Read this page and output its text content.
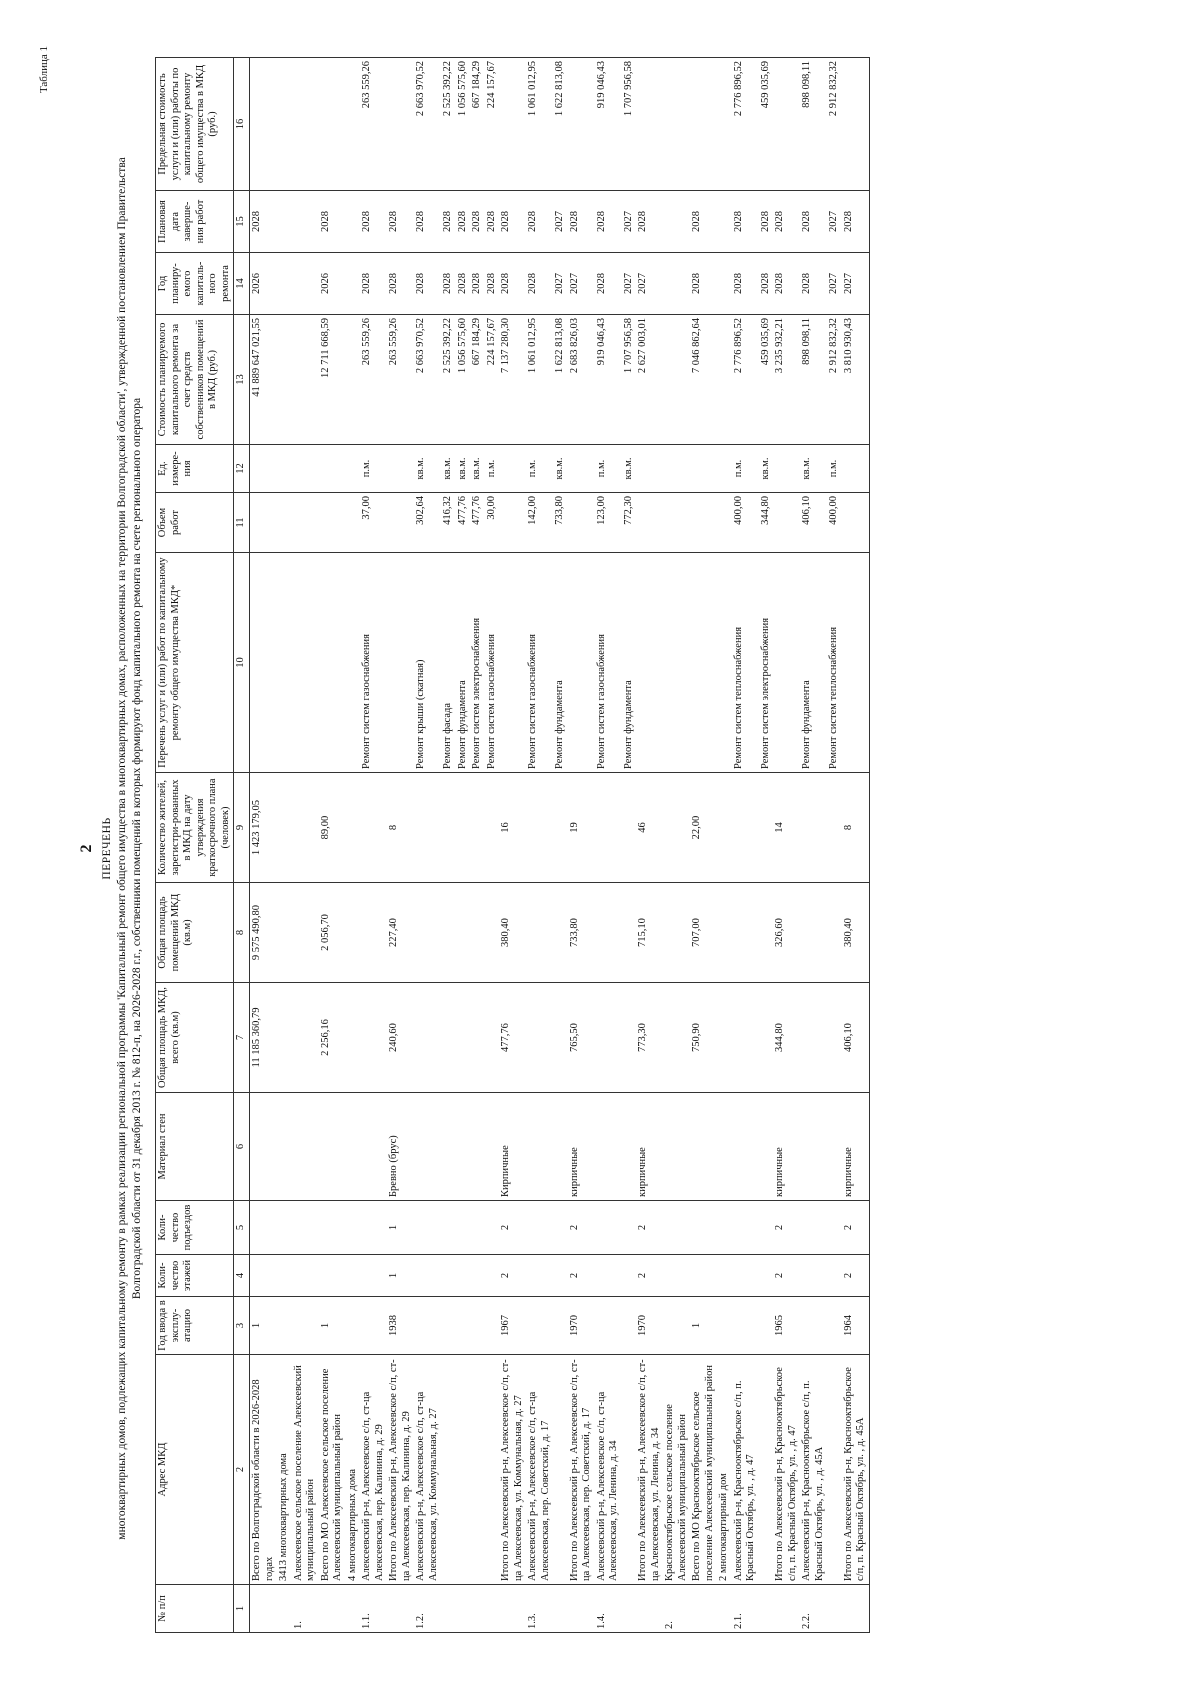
Таблица 1
2 ПЕРЕЧЕНЬ многоквартирных домов, подлежащих капитальному ремонту в рамках реализации региональной программы 'Капитальный ремонт общего имущества в многоквартирных домах, расположенных на территории Волгоградской области', утвержденной постановлением Правительства Волгоградской области от 31 декабря 2013 г. № 812-п, на 2026-2028 г.г., собственники помещений в которых формируют фонд капитального ремонта на счете регионального оператора
№ п/п	Адрес МКД	Год ввода в эксплу-атацию	Коли-чество этажей	Коли-чество подъездов	Материал стен	Общая площадь МКД, всего (кв.м)	Общая площадь помещений МКД (кв.м)	Количество жителей, зарегистри-рованных в МКД на дату утверждения краткосрочного плана (человек)	Перечень услуг и (или) работ по капитальному ремонту общего имущества МКД*	Объем работ	Ед. измере-ния	Стоимость планируемого капитального ремонта за счет средств собственников помещений в МКД (руб.)	Год планиру-емого капиталь-ного ремонта	Плановая дата заверше-ния работ	Предельная стоимость услуги и (или) работы по капитальному ремонту общего имущества в МКД (руб.)
1	2	3	4	5	6	7	8	9	10	11	12	13	14	15	16
	Всего по Волгоградской области в 2026-2028 годах	1				11 185 360,79	9 575 490,80	1 423 179,05				41 889 647 021,55	2026	2028	
	3413 многоквартирных дома														
1.	Алексеевское сельское поселение Алексеевский муниципальный район														
	Всего по МО Алексеевское сельское поселение Алексеевский муниципальный район	1				2 256,16	2 056,70	89,00				12 711 668,59	2026	2028	
	4 многоквартирных дома														
1.1.	Алексеевский р-н, Алексеевское с/п, ст-ца Алексеевская, пер. Калинина, д. 29								Ремонт систем газоснабжения	37,00	п.м.	263 559,26	2028	2028	263 559,26
	Итого по Алексеевский р-н, Алексеевское с/п, ст-ца Алексеевская, пер. Калинина, д. 29	1938	1	1	Бревно (брус)	240,60	227,40	8				263 559,26	2028	2028	
1.2.	Алексеевский р-н, Алексеевское с/п, ст-ца Алексеевская, ул. Коммунальная, д. 27								Ремонт крыши (скатная)	302,64	кв.м.	2 663 970,52	2028	2028	2 663 970,52
									Ремонт фасада	416,32	кв.м.	2 525 392,22	2028	2028	2 525 392,22
									Ремонт фундамента	477,76	кв.м.	1 056 575,60	2028	2028	1 056 575,60
									Ремонт систем электроснабжения	477,76	кв.м.	667 184,29	2028	2028	667 184,29
									Ремонт систем газоснабжения	30,00	п.м.	224 157,67	2028	2028	224 157,67
	Итого по Алексеевский р-н, Алексеевское с/п, ст-ца Алексеевская, ул. Коммунальная, д. 27	1967	2	2	Кирпичные	477,76	380,40	16				7 137 280,30	2028	2028	
1.3.	Алексеевский р-н, Алексеевское с/п, ст-ца Алексеевская, пер. Советский, д. 17								Ремонт систем газоснабжения	142,00	п.м.	1 061 012,95	2028	2028	1 061 012,95
									Ремонт фундамента	733,80	кв.м.	1 622 813,08	2027	2027	1 622 813,08
	Итого по Алексеевский р-н, Алексеевское с/п, ст-ца Алексеевская, пер. Советский, д. 17	1970	2	2	кирпичные	765,50	733,80	19				2 683 826,03	2027	2028	
1.4.	Алексеевский р-н, Алексеевское с/п, ст-ца Алексеевская, ул. Ленина, д. 34								Ремонт систем газоснабжения	123,00	п.м.	919 046,43	2028	2028	919 046,43
									Ремонт фундамента	772,30	кв.м.	1 707 956,58	2027	2027	1 707 956,58
	Итого по Алексеевский р-н, Алексеевское с/п, ст-ца Алексеевская, ул. Ленина, д. 34	1970	2	2	кирпичные	773,30	715,10	46				2 627 003,01	2027	2028	
2.	Краснооктябрьское сельское поселение Алексеевский муниципальный район														
	Всего по МО Краснооктябрьское сельское поселение Алексеевский муниципальный район	1				750,90	707,00	22,00				7 046 862,64	2028	2028	
	2 многоквартирный дом														
2.1.	Алексеевский р-н, Краснооктябрьское с/п, п. Красный Октябрь, ул. , д. 47								Ремонт систем теплоснабжения	400,00	п.м.	2 776 896,52	2028	2028	2 776 896,52
									Ремонт систем электроснабжения	344,80	кв.м.	459 035,69	2028	2028	459 035,69
	Итого по Алексеевский р-н, Краснооктябрьское с/п, п. Красный Октябрь, ул. , д. 47	1965	2	2	кирпичные	344,80	326,60	14				3 235 932,21	2028	2028	
2.2.	Алексеевский р-н, Краснооктябрьское с/п, п. Красный Октябрь, ул. , д. 45А								Ремонт фундамента	406,10	кв.м.	898 098,11	2028	2028	898 098,11
									Ремонт систем теплоснабжения	400,00	п.м.	2 912 832,32	2027	2027	2 912 832,32
	Итого по Алексеевский р-н, Краснооктябрьское с/п, п. Красный Октябрь, ул. , д. 45А	1964	2	2	кирпичные	406,10	380,40	8				3 810 930,43	2027	2028	
